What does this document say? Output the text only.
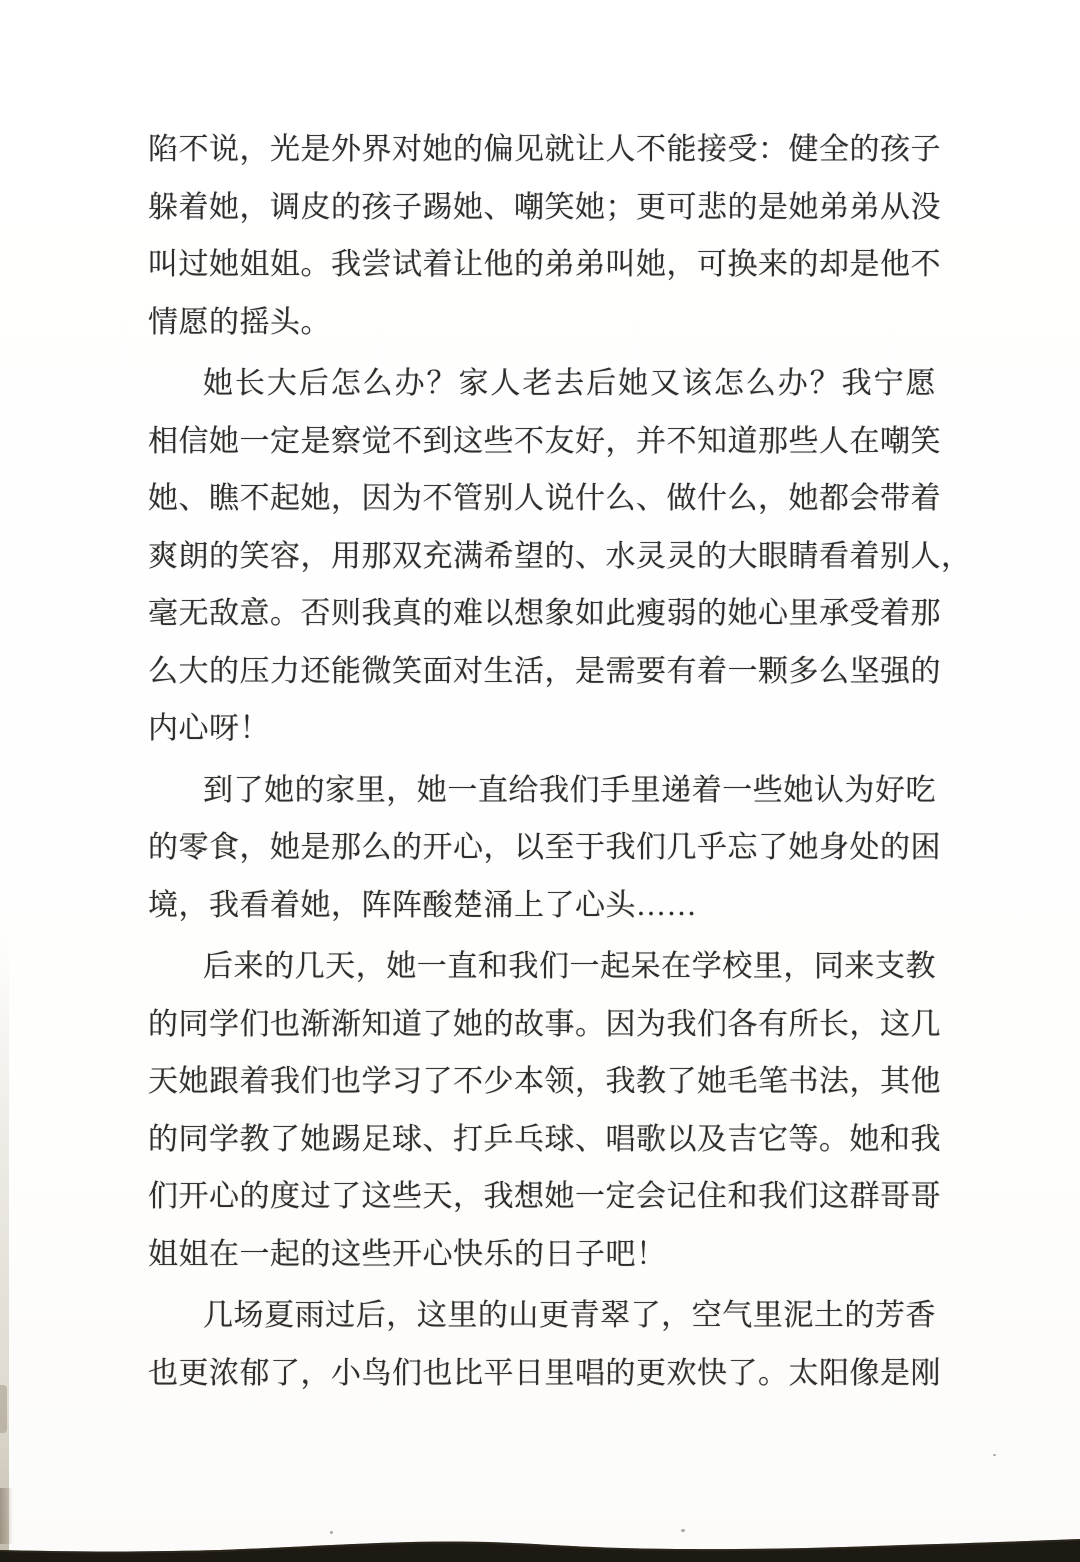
陷不说，光是外界对她的偏见就让人不能接受：健全的孩子
躲着她，调皮的孩子踢她、嘲笑她；更可悲的是她弟弟从没
叫过她姐姐。我尝试着让他的弟弟叫她，可换来的却是他不
情愿的摇头。
她长大后怎么办？家人老去后她又该怎么办？我宁愿
相信她一定是察觉不到这些不友好，并不知道那些人在嘲笑
她、瞧不起她，因为不管别人说什么、做什么，她都会带着
爽朗的笑容，用那双充满希望的、水灵灵的大眼睛看着别人，
毫无敌意。否则我真的难以想象如此瘦弱的她心里承受着那
么大的压力还能微笑面对生活，是需要有着一颗多么坚强的
内心呀！
到了她的家里，她一直给我们手里递着一些她认为好吃
的零食，她是那么的开心，以至于我们几乎忘了她身处的困
境，我看着她，阵阵酸楚涌上了心头……
后来的几天，她一直和我们一起呆在学校里，同来支教
的同学们也渐渐知道了她的故事。因为我们各有所长，这几
天她跟着我们也学习了不少本领，我教了她毛笔书法，其他
的同学教了她踢足球、打乒乓球、唱歌以及吉它等。她和我
们开心的度过了这些天，我想她一定会记住和我们这群哥哥
姐姐在一起的这些开心快乐的日子吧！
几场夏雨过后，这里的山更青翠了，空气里泥土的芳香
也更浓郁了，小鸟们也比平日里唱的更欢快了。太阳像是刚
